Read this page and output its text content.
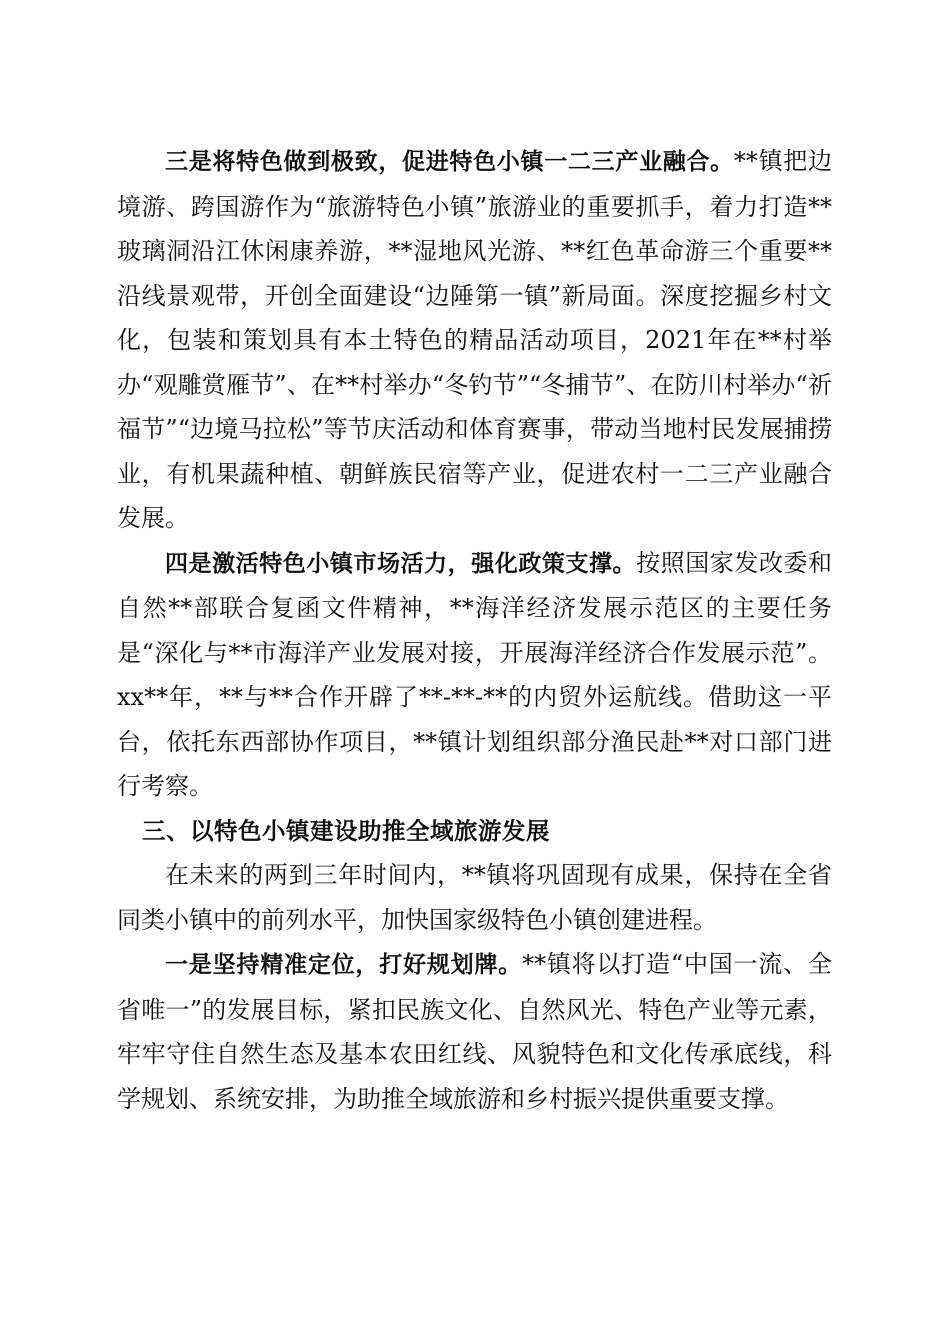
三是将特色做到极致，促进特色小镇一二三产业融合。**镇把边境游、跨国游作为“旅游特色小镇”旅游业的重要抓手，着力打造**玻璃洞沿江休闲康养游，**湿地风光游、**红色革命游三个重要**沿线景观带，开创全面建设“边陲第一镇”新局面。深度挖掘乡村文化，包装和策划具有本土特色的精品活动项目，2021年在**村举办“观雕赏雁节”、在**村举办“冬钓节”“冬捕节”、在防川村举办“祈福节”“边境马拉松”等节庆活动和体育赛事，带动当地村民发展捕捞业，有机果蔬种植、朝鲜族民宿等产业，促进农村一二三产业融合发展。

四是激活特色小镇市场活力，强化政策支撑。按照国家发改委和自然**部联合复函文件精神，**海洋经济发展示范区的主要任务是“深化与**市海洋产业发展对接，开展海洋经济合作发展示范”。xx**年，**与**合作开辟了**-**-**的内贸外运航线。借助这一平台，依托东西部协作项目，**镇计划组织部分渔民赴**对口部门进行考察。

三、以特色小镇建设助推全域旅游发展

在未来的两到三年时间内，**镇将巩固现有成果，保持在全省同类小镇中的前列水平，加快国家级特色小镇创建进程。

一是坚持精准定位，打好规划牌。**镇将以打造“中国一流、全省唯一”的发展目标，紧扣民族文化、自然风光、特色产业等元素，牢牢守住自然生态及基本农田红线、风貌特色和文化传承底线，科学规划、系统安排，为助推全域旅游和乡村振兴提供重要支撑。
